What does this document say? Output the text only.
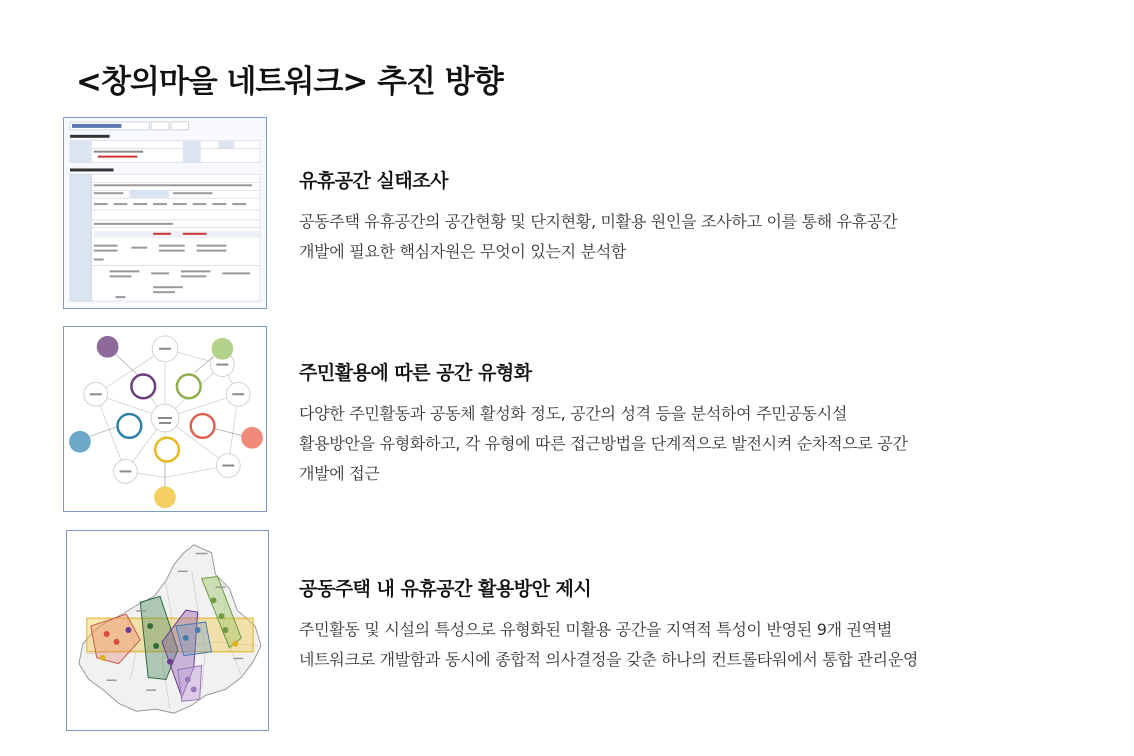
<창의마을 네트워크> 추진 방향
유휴공간 실태조사

공동주택 유휴공간의 공간현황 및 단지현황, 미활용 원인을 조사하고 이를 통해 유휴공간
개발에 필요한 핵심자원은 무엇이 있는지 분석함

주민활용에 따른 공간 유형화

다양한 주민활동과 공동체 활성화 정도, 공간의 성격 등을 분석하여 주민공동시설
활용방안을 유형화하고, 각 유형에 따른 접근방법을 단계적으로 발전시켜 순차적으로 공간
개발에 접근

공동주택 내 유휴공간 활용방안 제시

주민활동 및 시설의 특성으로 유형화된 미활용 공간을 지역적 특성이 반영된 9개 권역별
네트워크로 개발함과 동시에 종합적 의사결정을 갖춘 하나의 컨트롤타워에서 통합 관리운영
